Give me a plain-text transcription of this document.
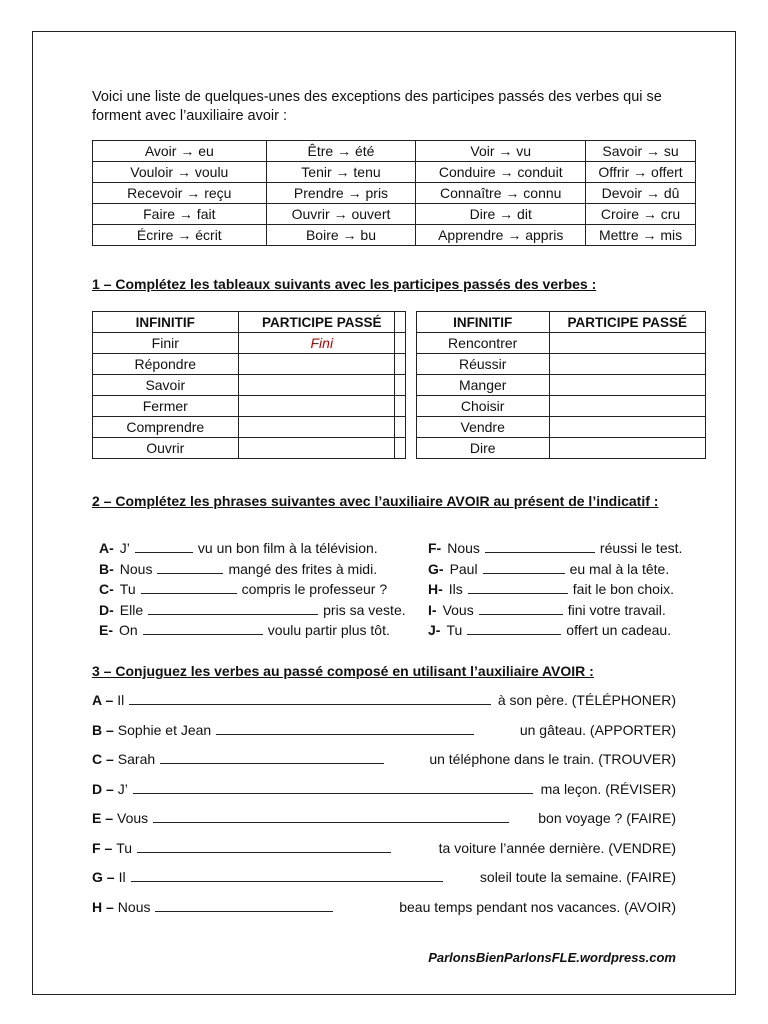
Voici une liste de quelques-unes des exceptions des participes passés des verbes qui se forment avec l’auxiliaire avoir :
Avoir → eu	Être → été	Voir → vu	Savoir → su
Vouloir → voulu	Tenir → tenu	Conduire → conduit	Offrir → offert
Recevoir → reçu	Prendre → pris	Connaître → connu	Devoir → dû
Faire → fait	Ouvrir → ouvert	Dire → dit	Croire → cru
Écrire → écrit	Boire → bu	Apprendre → appris	Mettre → mis
1 – Complétez les tableaux suivants avec les participes passés des verbes :
INFINITIF	PARTICIPE PASSÉ
Finir	Fini
Répondre	
Savoir	
Fermer	
Comprendre	
Ouvrir	
	INFINITIF	PARTICIPE PASSÉ
	Rencontrer	
	Réussir	
	Manger	
	Choisir	
	Vendre	
	Dire	
2 – Complétez les phrases suivantes avec l’auxiliaire AVOIR au présent de l’indicatif :
A- J’	vu un bon film à la télévision.
B- Nous	mangé des frites à midi.
C- Tu	compris le professeur ?
D- Elle	pris sa veste.
E- On	voulu partir plus tôt.
F- Nous	réussi le test.
G- Paul	eu mal à la tête.
H- Ils	fait le bon choix.
I- Vous	fini votre travail.
J- Tu	offert un cadeau.
3 – Conjuguez les verbes au passé composé en utilisant l’auxiliaire AVOIR :
A – Il	à son père. (TÉLÉPHONER)
B – Sophie et Jean	un gâteau. (APPORTER)
C – Sarah	un téléphone dans le train. (TROUVER)
D – J’	ma leçon. (RÉVISER)
E – Vous	bon voyage ? (FAIRE)
F – Tu	ta voiture l’année dernière. (VENDRE)
G – Il	soleil toute la semaine. (FAIRE)
H – Nous	beau temps pendant nos vacances. (AVOIR)
ParlonsBienParlonsFLE.wordpress.com
